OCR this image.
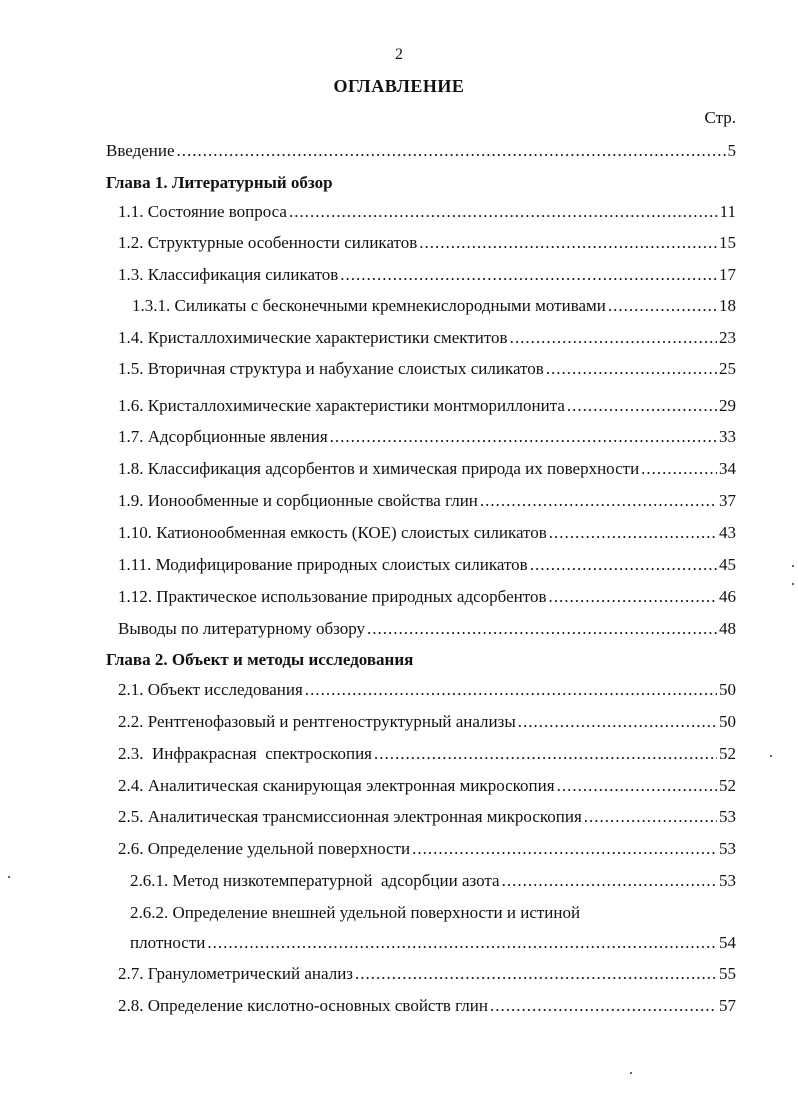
2
ОГЛАВЛЕНИЕ
Стр.
Введение .....	5
Глава 1. Литературный обзор
1.1. Состояние вопроса .....	11
1.2. Структурные особенности силикатов .....	15
1.3. Классификация силикатов .....	17
1.3.1. Силикаты с бесконечными кремнекислородными мотивами .....	18
1.4. Кристаллохимические характеристики смектитов .....	23
1.5. Вторичная структура и набухание слоистых силикатов .....	25
1.6. Кристаллохимические характеристики монтмориллонита .....	29
1.7. Адсорбционные явления .....	33
1.8. Классификация адсорбентов и химическая природа их поверхности .....	34
1.9. Ионообменные и сорбционные свойства глин .....	37
1.10. Катионообменная емкость (КОЕ) слоистых силикатов .....	43
1.11. Модифицирование природных слоистых силикатов .....	45
1.12. Практическое использование природных адсорбентов .....	46
Выводы по литературному обзору .....	48
Глава 2. Объект и методы исследования
2.1. Объект исследования .....	50
2.2. Рентгенофазовый и рентгеноструктурный анализы .....	50
2.3.  Инфракрасная  спектроскопия .....	52
2.4. Аналитическая сканирующая электронная микроскопия .....	52
2.5. Аналитическая трансмиссионная электронная микроскопия .....	53
2.6. Определение удельной поверхности .....	53
2.6.1. Метод низкотемпературной  адсорбции азота .....	53
2.6.2. Определение внешней удельной поверхности и истиной
плотности .....	54
2.7. Гранулометрический анализ .....	55
2.8. Определение кислотно-основных свойств глин .....	57
